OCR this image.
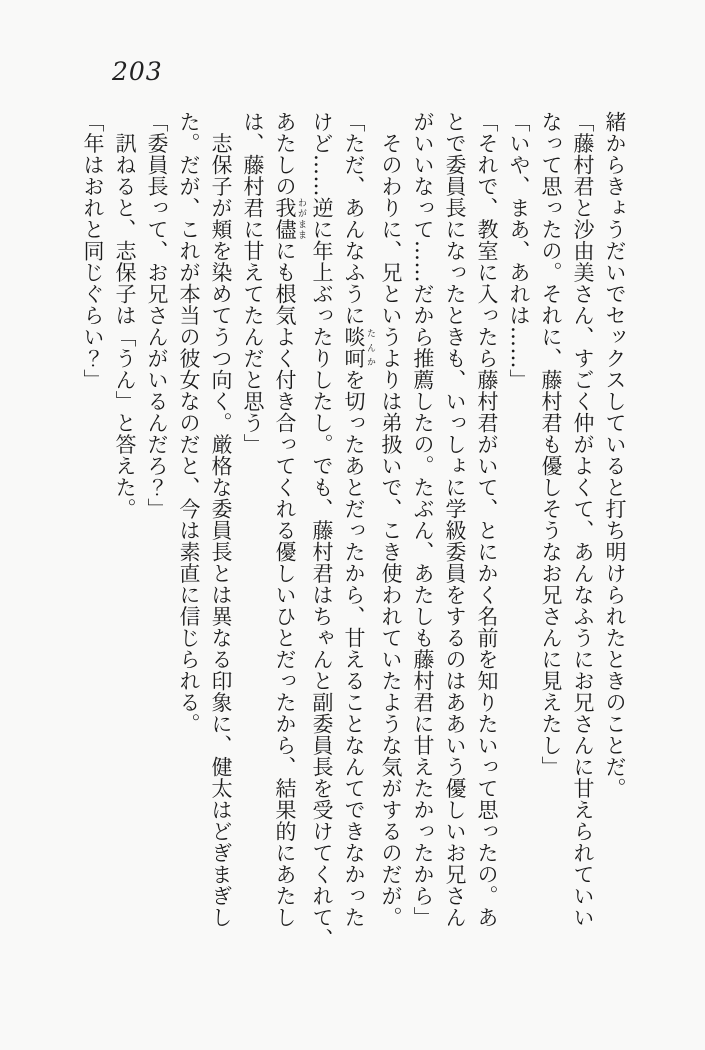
203
緒からきょうだいでセックスしていると打ち明けられたときのことだ。
「藤村君と沙由美さん、すごく仲がよくて、あんなふうにお兄さんに甘えられていい
なって思ったの。それに、藤村君も優しそうなお兄さんに見えたし」
「いや、まあ、あれは……」
「それで、教室に入ったら藤村君がいて、とにかく名前を知りたいって思ったの。あ
とで委員長になったときも、いっしょに学級委員をするのはああいう優しいお兄さん
がいいなって……だから推薦したの。たぶん、あたしも藤村君に甘えたかったから」
　そのわりに、兄というよりは弟扱いで、こき使われていたような気がするのだが。
「ただ、あんなふうに啖呵 たんかを切ったあとだったから、甘えることなんてできなかった
けど……逆に年上ぶったりしたし。でも、藤村君はちゃんと副委員長を受けてくれて、
あたしの我儘 わがままにも根気よく付き合ってくれる優しいひとだったから、結果的にあたし
は、藤村君に甘えてたんだと思う」
　志保子が頬を染めてうつ向く。厳格な委員長とは異なる印象に、健太はどぎまぎし
た。だが、これが本当の彼女なのだと、今は素直に信じられる。
「委員長って、お兄さんがいるんだろ？」
　訊ねると、志保子は「うん」と答えた。
「年はおれと同じぐらい？」
